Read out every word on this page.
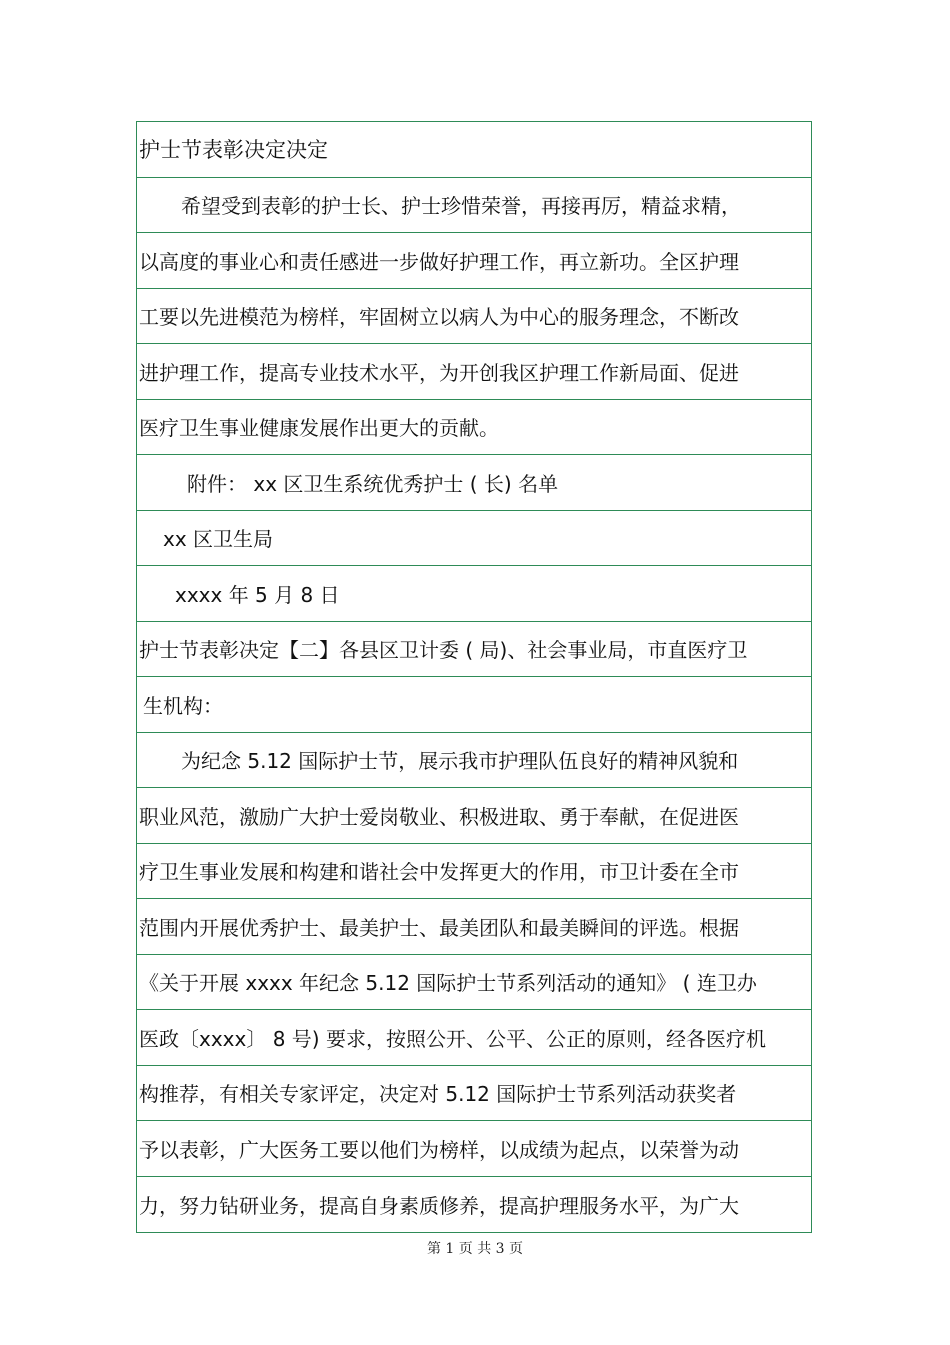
护士节表彰决定决定
希望受到表彰的护士长、护士珍惜荣誉，再接再厉，精益求精，
以高度的事业心和责任感进一步做好护理工作，再立新功。全区护理
工要以先进模范为榜样，牢固树立以病人为中心的服务理念，不断改
进护理工作，提高专业技术水平，为开创我区护理工作新局面、促进
医疗卫生事业健康发展作出更大的贡献。
附件： xx 区卫生系统优秀护士 ( 长) 名单
xx 区卫生局
xxxx 年 5 月 8 日
护士节表彰决定【二】各县区卫计委 ( 局)、社会事业局，市直医疗卫
生机构：
为纪念 5.12 国际护士节，展示我市护理队伍良好的精神风貌和
职业风范，激励广大护士爱岗敬业、积极进取、勇于奉献，在促进医
疗卫生事业发展和构建和谐社会中发挥更大的作用，市卫计委在全市
范围内开展优秀护士、最美护士、最美团队和最美瞬间的评选。根据
《关于开展 xxxx 年纪念 5.12 国际护士节系列活动的通知》 ( 连卫办
医政〔xxxx〕 8 号) 要求，按照公开、公平、公正的原则，经各医疗机
构推荐，有相关专家评定，决定对 5.12 国际护士节系列活动获奖者
予以表彰，广大医务工要以他们为榜样，以成绩为起点，以荣誉为动
力，努力钻研业务，提高自身素质修养，提高护理服务水平，为广大
第 1 页 共 3 页
